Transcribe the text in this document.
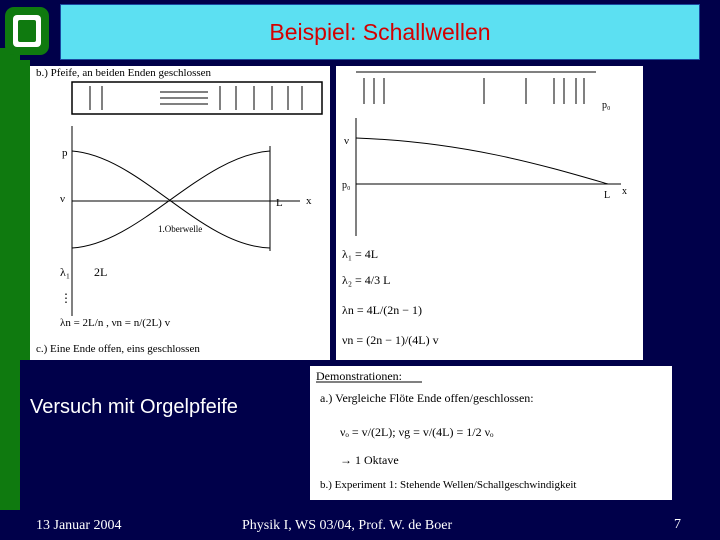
Beispiel: Schallwellen
b.) Pfeife, an beiden Enden geschlossen
p
ν	x
L
1.Oberwelle
λ₁ 2L
⋮
λn = 2L/n , νn = n/(2L) v
c.) Eine Ende offen, eins geschlossen
p₀
ν
p₀
L x
λ₁ = 4L
λ₂ = 4/3 L
λn = 4L/(2n − 1)
νn = (2n − 1)/(4L) v
Versuch mit Orgelpfeife
Demonstrationen:
a.) Vergleiche Flöte Ende offen/geschlossen:
νₒ = v/(2L); νg = v/(4L) = 1/2 νₒ
→ 1 Oktave
b.) Experiment 1: Stehende Wellen/Schallgeschwindigkeit
13 Januar 2004	Physik I, WS 03/04, Prof. W. de Boer	7
